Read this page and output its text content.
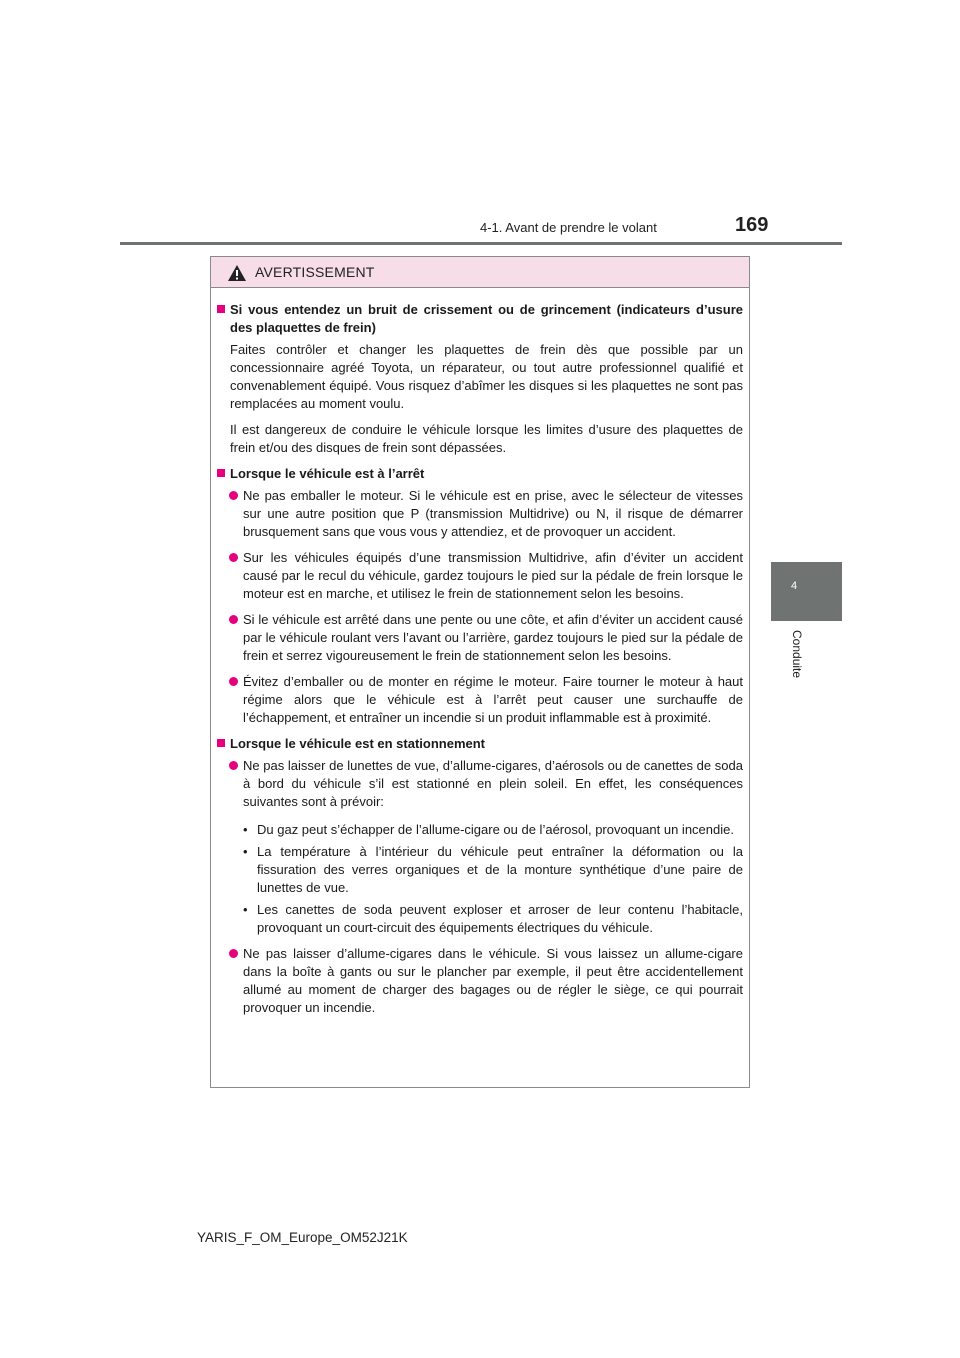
4-1. Avant de prendre le volant	169
4
Conduite
AVERTISSEMENT
Si vous entendez un bruit de crissement ou de grincement (indicateurs d’usure des plaquettes de frein)
Faites contrôler et changer les plaquettes de frein dès que possible par un concessionnaire agréé Toyota, un réparateur, ou tout autre professionnel qualifié et convenablement équipé. Vous risquez d’abîmer les disques si les plaquettes ne sont pas remplacées au moment voulu.
Il est dangereux de conduire le véhicule lorsque les limites d’usure des plaquettes de frein et/ou des disques de frein sont dépassées.
Lorsque le véhicule est à l’arrêt
Ne pas emballer le moteur. Si le véhicule est en prise, avec le sélecteur de vitesses sur une autre position que P (transmission Multidrive) ou N, il risque de démarrer brusquement sans que vous vous y attendiez, et de provoquer un accident.
Sur les véhicules équipés d’une transmission Multidrive, afin d’éviter un accident causé par le recul du véhicule, gardez toujours le pied sur la pédale de frein lorsque le moteur est en marche, et utilisez le frein de stationnement selon les besoins.
Si le véhicule est arrêté dans une pente ou une côte, et afin d’éviter un accident causé par le véhicule roulant vers l’avant ou l’arrière, gardez toujours le pied sur la pédale de frein et serrez vigoureusement le frein de stationnement selon les besoins.
Évitez d’emballer ou de monter en régime le moteur. Faire tourner le moteur à haut régime alors que le véhicule est à l’arrêt peut causer une surchauffe de l’échappement, et entraîner un incendie si un produit inflammable est à proximité.
Lorsque le véhicule est en stationnement
Ne pas laisser de lunettes de vue, d’allume-cigares, d’aérosols ou de canettes de soda à bord du véhicule s’il est stationné en plein soleil. En effet, les conséquences suivantes sont à prévoir:
• Du gaz peut s’échapper de l’allume-cigare ou de l’aérosol, provoquant un incendie.
• La température à l’intérieur du véhicule peut entraîner la déformation ou la fissuration des verres organiques et de la monture synthétique d’une paire de lunettes de vue.
• Les canettes de soda peuvent exploser et arroser de leur contenu l’habitacle, provoquant un court-circuit des équipements électriques du véhicule.
Ne pas laisser d’allume-cigares dans le véhicule. Si vous laissez un allume-cigare dans la boîte à gants ou sur le plancher par exemple, il peut être accidentellement allumé au moment de charger des bagages ou de régler le siège, ce qui pourrait provoquer un incendie.
YARIS_F_OM_Europe_OM52J21K
